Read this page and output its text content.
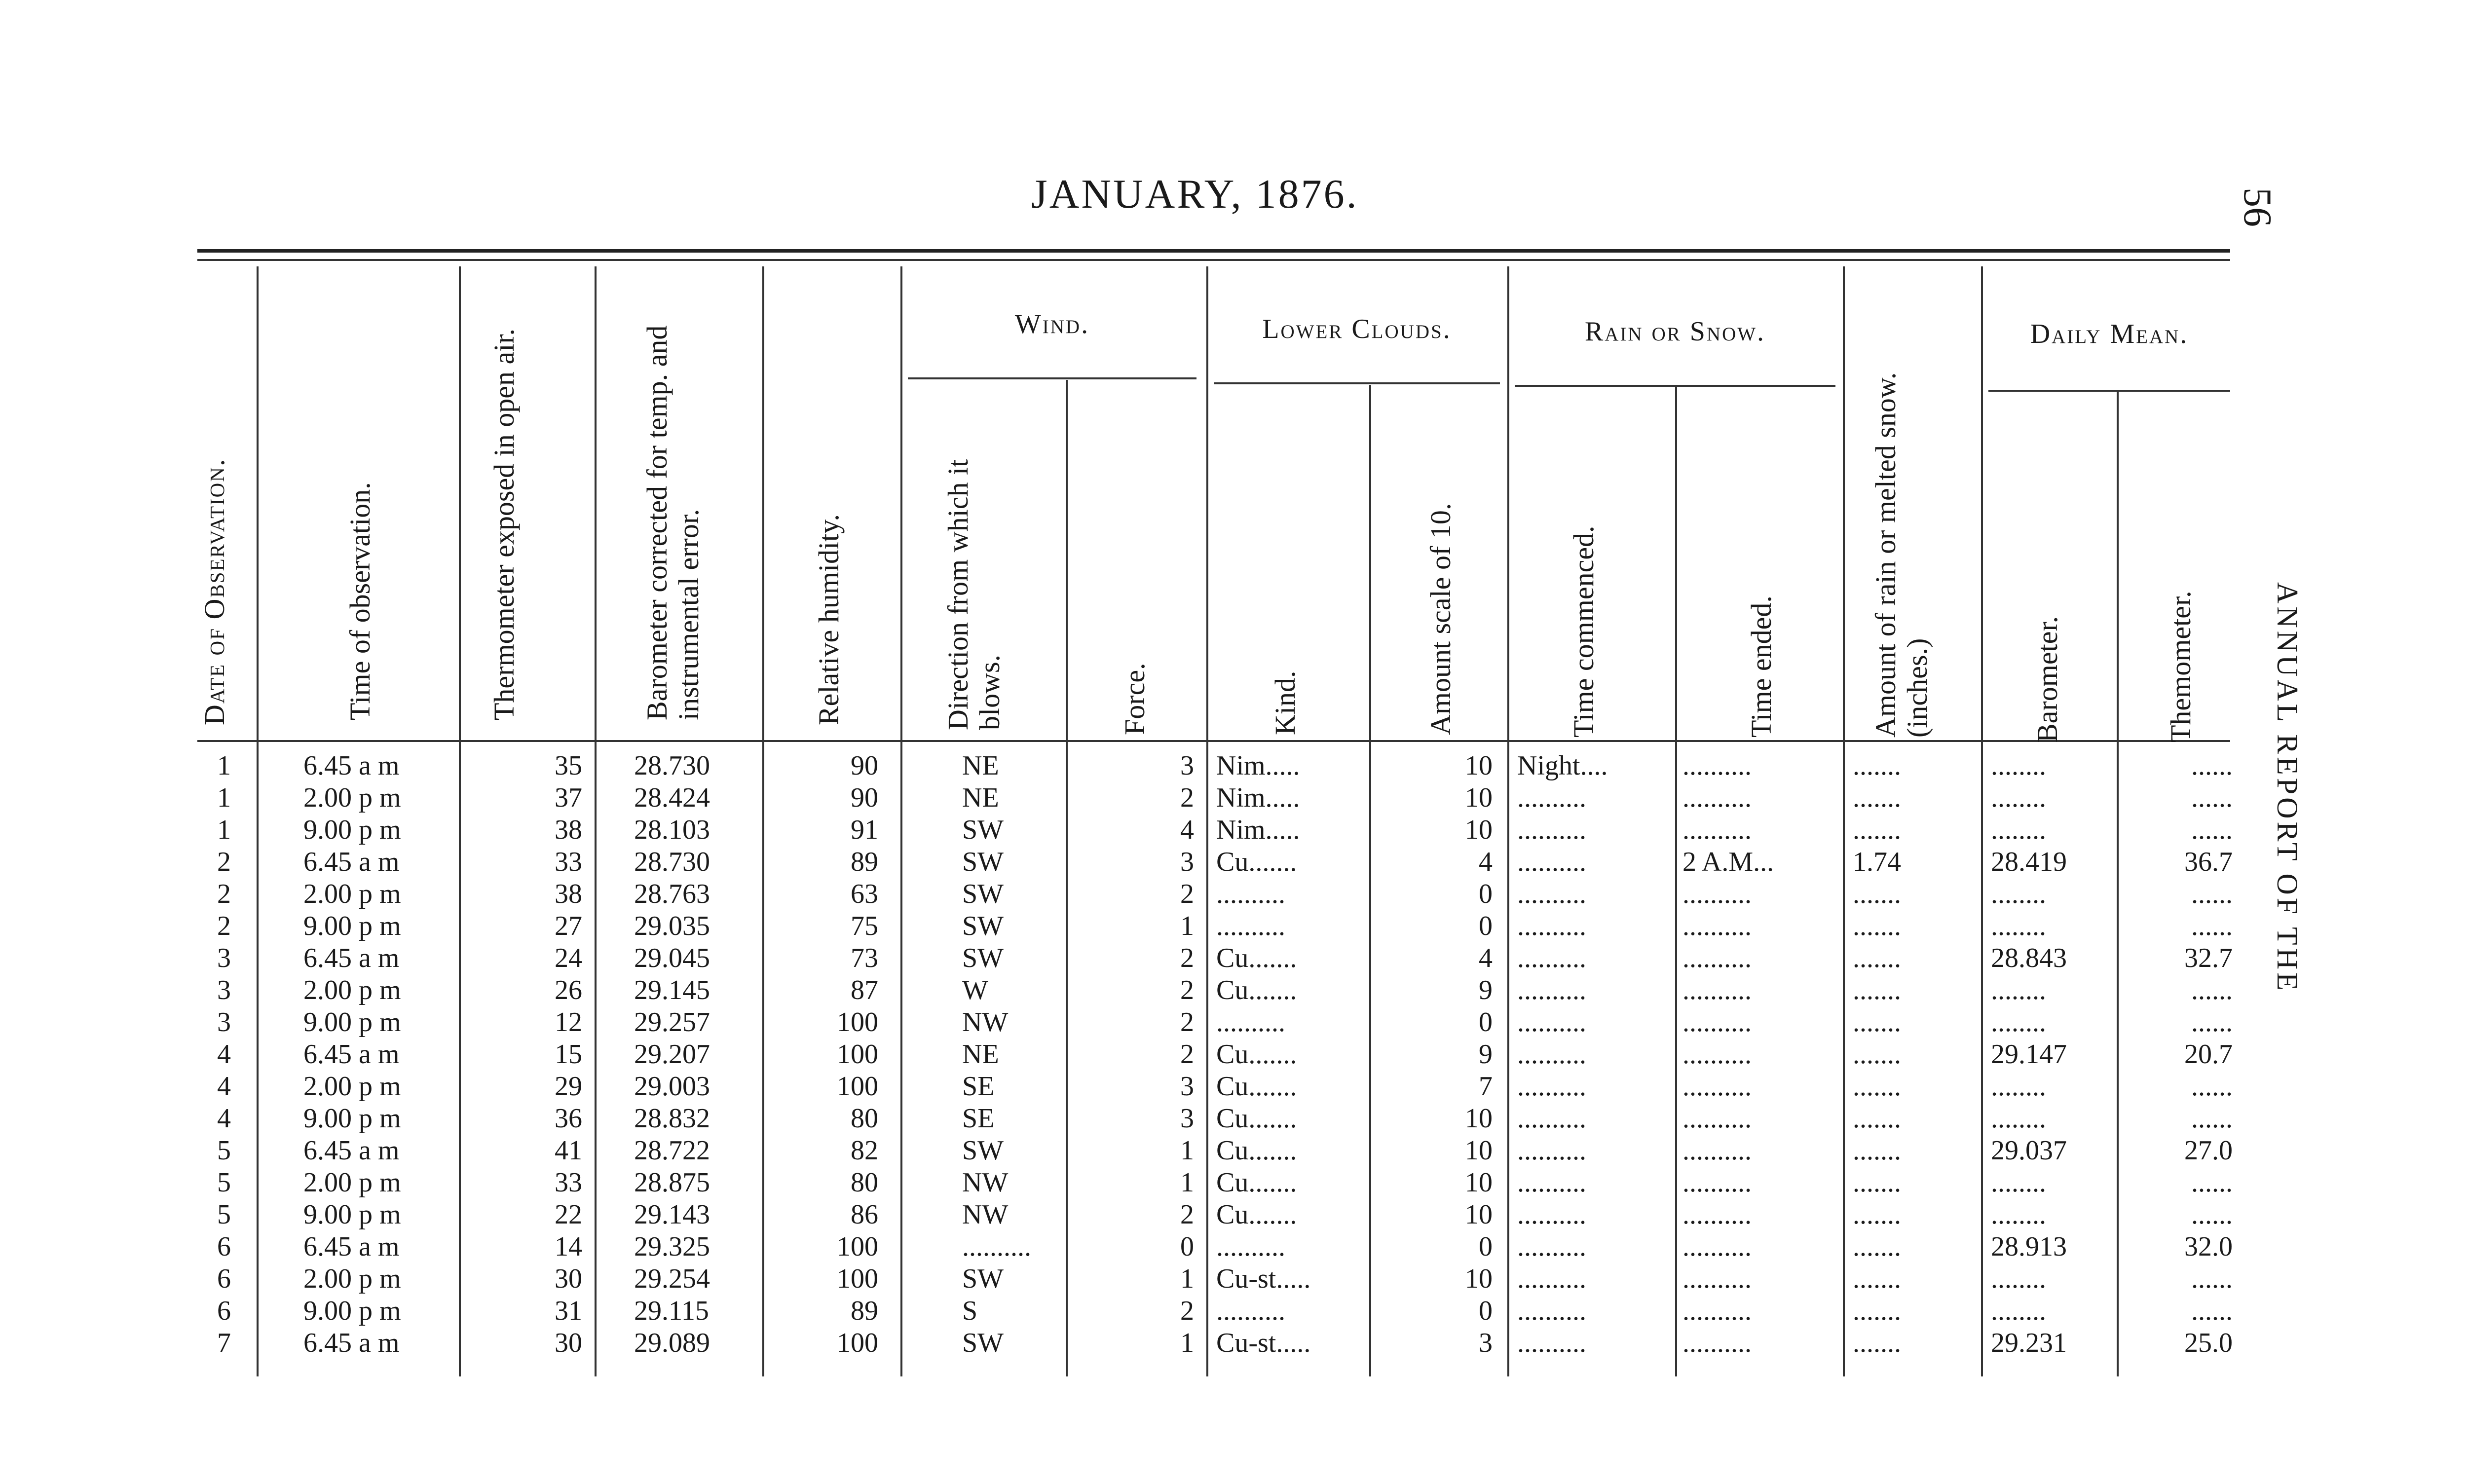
JANUARY, 1876.	56
ANNUAL REPORT OF THE
Wind.	Lower Clouds.	Rain or Snow.	Daily Mean.
Date of Observation.	Time of observation.	Thermometer exposed in open air.	Barometer corrected for temp. and instrumental error.	Relative humidity.	Direction from which it blows.	Force.	Kind.	Amount scale of 10.	Time commenced.	Time ended.	Amount of rain or melted snow. (inches.)	Barometer.	Themometer.
1	6.45 a m	35 28.730	90	NE	3 Nim.....	10 Night....	..........	.......	........	......
1	2.00 p m	37 28.424	90	NE	2 Nim.....	10 ..........	..........	.......	........	......
1	9.00 p m	38 28.103	91	SW	4 Nim.....	10 ..........	..........	.......	........	......
2	6.45 a m	33 28.730	89	SW	3 Cu.......	4 ..........	2 A.M...	1.74	28.419	36.7
2	2.00 p m	38 28.763	63	SW	2 ..........	0 ..........	..........	.......	........	......
2	9.00 p m	27 29.035	75	SW	1 ..........	0 ..........	..........	.......	........	......
3	6.45 a m	24 29.045	73	SW	2 Cu.......	4 ..........	..........	.......	28.843	32.7
3	2.00 p m	26 29.145	87	W	2 Cu.......	9 ..........	..........	.......	........	......
3	9.00 p m	12 29.257	100	NW	2 ..........	0 ..........	..........	.......	........	......
4	6.45 a m	15 29.207	100	NE	2 Cu.......	9 ..........	..........	.......	29.147	20.7
4	2.00 p m	29 29.003	100	SE	3 Cu.......	7 ..........	..........	.......	........	......
4	9.00 p m	36 28.832	80	SE	3 Cu.......	10 ..........	..........	.......	........	......
5	6.45 a m	41 28.722	82	SW	1 Cu.......	10 ..........	..........	.......	29.037	27.0
5	2.00 p m	33 28.875	80	NW	1 Cu.......	10 ..........	..........	.......	........	......
5	9.00 p m	22 29.143	86	NW	2 Cu.......	10 ..........	..........	.......	........	......
6	6.45 a m	14 29.325	100	..........	0 ..........	0 ..........	..........	.......	28.913	32.0
6	2.00 p m	30 29.254	100	SW	1 Cu-st.....	10 ..........	..........	.......	........	......
6	9.00 p m	31 29.115	89	S	2 ..........	0 ..........	..........	.......	........	......
7	6.45 a m	30 29.089	100	SW	1 Cu-st.....	3 ..........	..........	.......	29.231	25.0
